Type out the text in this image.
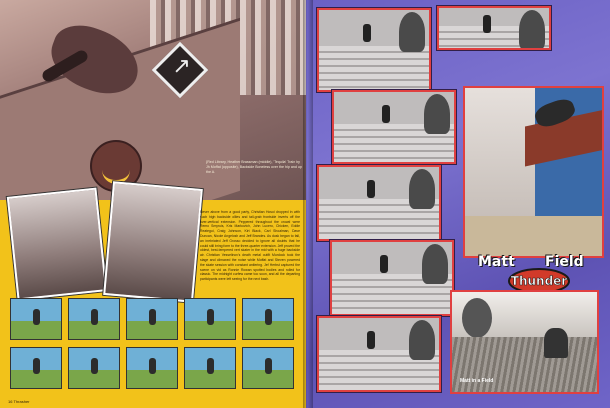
↗
{Red Library, Heather Brassman (middle), 'Tequila' Train by Jh Moffat (opposite), Backside Boneless over the hip and up the A.
Never above from a good party, Christian Hosoi dropped in with such high backside ollies and tail-grab frontside inverts off the over-vertical extension. Peppered throughout the crowd were Remo Smyruis, Kris Markovich, John Lucero, Chicken, Eddie Reategui, Craig Johnson, Kirt Black, Carl Shoalman, Dave Duncan, Nicole Angelosh and Jeff Brandes. As dusk began to fall, an inebriated Jeff Grosso decided to ignore all doubts that he could still bring form to the three-quarter extension. Jeff proved the oldest, best-tempered vert skater in the mid with a huge backside air. Christian Vesselinov's death metal outfit Murdock took the stage and climaxed the noise while Moffat and Steven powered the skate session with constant antlering. Jef Herbst captured the scene on vid as Ronnie Rowan spotted bodies and rolled for classic. The midnight curfew came too soon, and all the departing participants were left seeing for the next bash.
16 Thrasher
Matt Field
Thunder
Matt in a Field
